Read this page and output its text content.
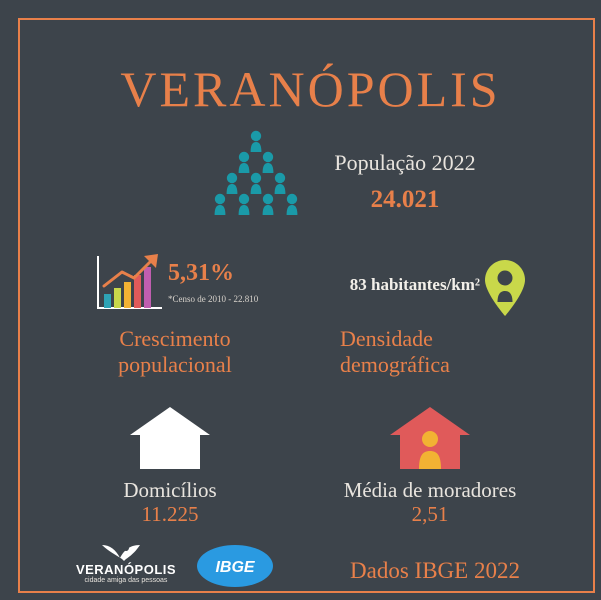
VERANÓPOLIS
População 2022
24.021
5,31%
*Censo de 2010 - 22.810
Crescimento
populacional
83 habitantes/km²
Densidade
demográfica
Domicílios
11.225
Média de moradores
2,51
VERANÓPOLIS
cidade amiga das pessoas
IBGE	Dados IBGE 2022
